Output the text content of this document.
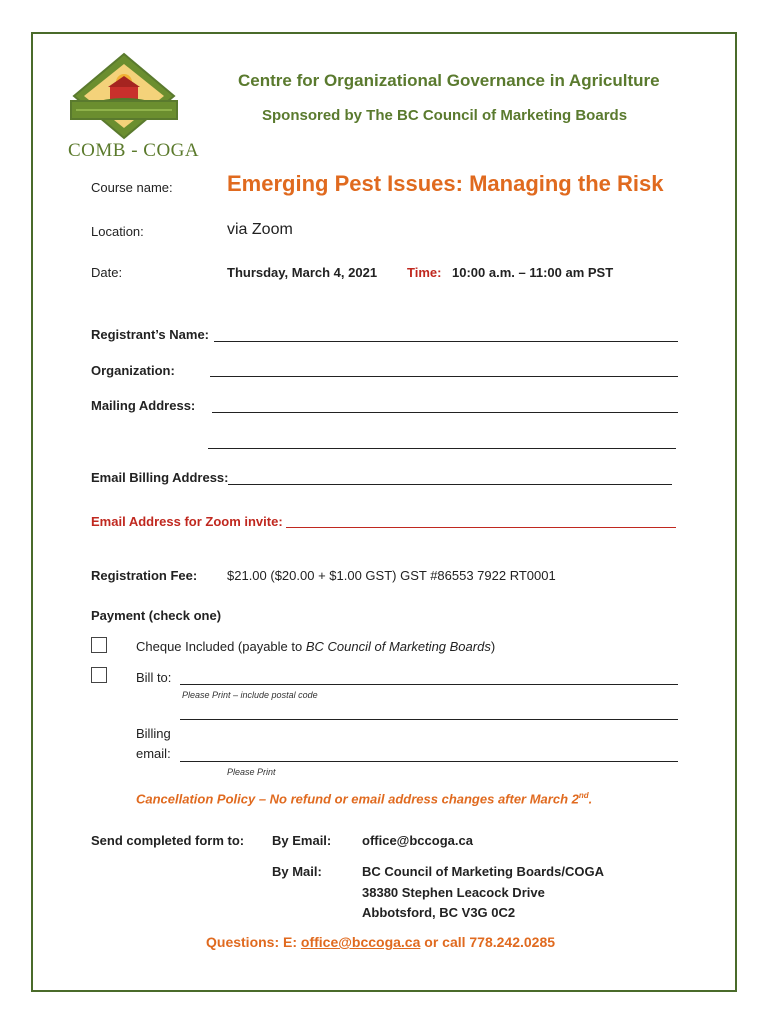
COMB - COGA
Centre for Organizational Governance in Agriculture
Sponsored by The BC Council of Marketing Boards
Course name: Emerging Pest Issues: Managing the Risk
Location:	via Zoom
Date:	Thursday, March 4, 2021 Time: 10:00 a.m. – 11:00 am PST
Registrant’s Name:
Organization:
Mailing Address:
Email Billing Address:
Email Address for Zoom invite:
Registration Fee: $21.00 ($20.00 + $1.00 GST) GST #86553 7922 RT0001
Payment (check one)
Cheque Included (payable to BC Council of Marketing Boards)
Bill to:
Please Print – include postal code
Billing
email:
Please Print
Cancellation Policy – No refund or email address changes after March 2nd.
Send completed form to: By Email: office@bccoga.ca
By Mail:	BC Council of Marketing Boards/COGA
38380 Stephen Leacock Drive
Abbotsford, BC V3G 0C2
Questions: E: office@bccoga.ca or call 778.242.0285
